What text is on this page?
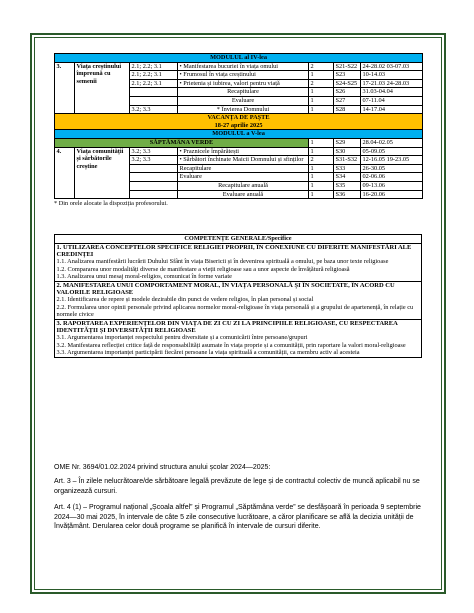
MODULUL al IV-lea						
3.	Viața creștinului împreună cu semenii	2.1; 2.2; 3.1	• Manifestarea bucuriei în viața omului	2	S21-S22	24-28.02 03-07.03
		2.1; 2.2; 3.1	• Frumosul în viața creștinului	1	S23	10-14.03
		2.1; 2.2; 3.1	• Prietenia și iubirea, valori pentru viață	2	S24-S25	17-21.03 24-28.03
			Recapitulare	1	S26	31.03-04.04
			Evaluare	1	S27	07-11.04
		3.2; 3.3	* Învierea Domnului	1	S28	14-17.04

VACANȚA DE PAȘTE
18-27 aprilie 2025						

MODULUL a V-lea						
SĂPTĂMÂNA VERDE				1	S29	28.04-02.05
4.	Viața comunității și sărbătorile creștine	3.2; 3.3	• Praznicele împărătești	1	S30	05-09.05
		3.2; 3.3	• Sărbători închinate Maicii Domnului și sfinților	2	S31-S32	12-16.05 19-23.05
			Recapitulare	1	S33	26-30.05
			Evaluare	1	S34	02-06.06
			Recapitulare anuală	1	S35	09-13.06
			Evaluare anuală	1	S36	16-20.06
* Din orele alocate la dispoziția profesorului.
COMPETENȚE GENERALE/Specifice

1. UTILIZAREA CONCEPTELOR SPECIFICE RELIGIEI PROPRII, ÎN CONEXIUNE CU DIFERITE MANIFESTĂRI ALE CREDINȚEI
1.1. Analizarea manifestării lucrării Duhului Sfânt în viața Bisericii și în devenirea spirituală a omului, pe baza unor texte religioase
1.2. Compararea unor modalități diverse de manifestare a vieții religioase sau a unor aspecte de învățătură religioasă
1.3. Analizarea unui mesaj moral-religios, comunicat în forme variate

2. MANIFESTAREA UNUI COMPORTAMENT MORAL, ÎN VIAȚA PERSONALĂ ȘI ÎN SOCIETATE, ÎN ACORD CU VALORILE RELIGIOASE
2.1. Identificarea de repere și modele dezirabile din punct de vedere religios, în plan personal și social
2.2. Formularea unor opinii personale privind aplicarea normelor moral-religioase în viața personală și a grupului de apartenență, în relație cu normele civice

3. RAPORTAREA EXPERIENȚELOR DIN VIAȚA DE ZI CU ZI LA PRINCIPIILE RELIGIOASE, CU RESPECTAREA IDENTITĂȚII ȘI DIVERSITĂȚII RELIGIOASE
3.1. Argumentarea importanței respectului pentru diversitate și a comunicării între persoane/grupuri
3.2. Manifestarea reflecției critice față de responsabilități asumate în viața proprie și a comunității, prin raportare la valori moral-religioase
3.3. Argumentarea importanței participării fiecărei persoane la viața spirituală a comunității, ca membru activ al acesteia

OME Nr. 3694/01.02.2024 privind structura anului școlar 2024—2025:

Art. 3 – În zilele nelucrătoare/de sărbătoare legală prevăzute de lege și de contractul colectiv de muncă aplicabil nu se organizează cursuri.

Art. 4 (1) – Programul național „Școala altfel” și Programul „Săptămâna verde” se desfășoară în perioada 9 septembrie 2024—30 mai 2025, în intervale de câte 5 zile consecutive lucrătoare, a căror planificare se află la decizia unității de învățământ. Derularea celor două programe se planifică în intervale de cursuri diferite.
